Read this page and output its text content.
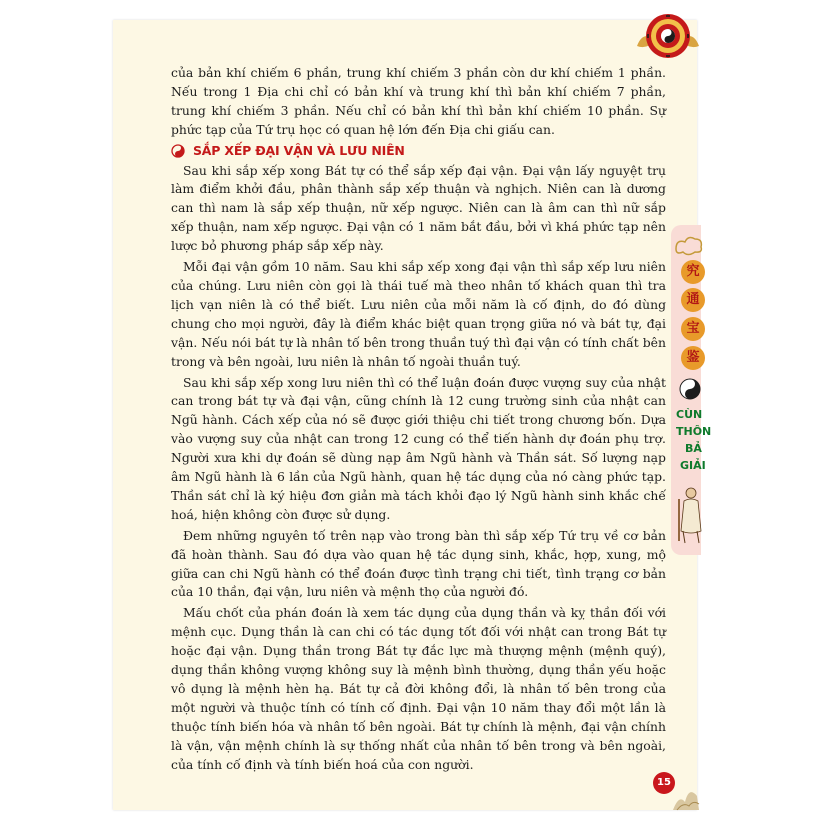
究
通
宝
鉴
CÙN
THÔN
BẢ
GIẢI
15

của bản khí chiếm 6 phần, trung khí chiếm 3 phần còn dư khí chiếm 1 phần. Nếu trong 1 Địa chi chỉ có bản khí và trung khí thì bản khí chiếm 7 phần, trung khí chiếm 3 phần. Nếu chỉ có bản khí thì bản khí chiếm 10 phần. Sự phức tạp của Tứ trụ học có quan hệ lớn đến Địa chi giấu can.

SẮP XẾP ĐẠI VẬN VÀ LƯU NIÊN

Sau khi sắp xếp xong Bát tự có thể sắp xếp đại vận. Đại vận lấy nguyệt trụ làm điểm khởi đầu, phân thành sắp xếp thuận và nghịch. Niên can là dương can thì nam là sắp xếp thuận, nữ xếp ngược. Niên can là âm can thì nữ sắp xếp thuận, nam xếp ngược. Đại vận có 1 năm bắt đầu, bởi vì khá phức tạp nên lược bỏ phương pháp sắp xếp này.

Mỗi đại vận gồm 10 năm. Sau khi sắp xếp xong đại vận thì sắp xếp lưu niên của chúng. Lưu niên còn gọi là thái tuế mà theo nhân tố khách quan thì tra lịch vạn niên là có thể biết. Lưu niên của mỗi năm là cố định, do đó dùng chung cho mọi người, đây là điểm khác biệt quan trọng giữa nó và bát tự, đại vận. Nếu nói bát tự là nhân tố bên trong thuần tuý thì đại vận có tính chất bên trong và bên ngoài, lưu niên là nhân tố ngoài thuần tuý.

Sau khi sắp xếp xong lưu niên thì có thể luận đoán được vượng suy của nhật can trong bát tự và đại vận, cũng chính là 12 cung trường sinh của nhật can Ngũ hành. Cách xếp của nó sẽ được giới thiệu chi tiết trong chương bốn. Dựa vào vượng suy của nhật can trong 12 cung có thể tiến hành dự đoán phụ trợ. Người xưa khi dự đoán sẽ dùng nạp âm Ngũ hành và Thần sát. Số lượng nạp âm Ngũ hành là 6 lần của Ngũ hành, quan hệ tác dụng của nó càng phức tạp. Thần sát chỉ là ký hiệu đơn giản mà tách khỏi đạo lý Ngũ hành sinh khắc chế hoá, hiện không còn được sử dụng.

Đem những nguyên tố trên nạp vào trong bàn thì sắp xếp Tứ trụ về cơ bản đã hoàn thành. Sau đó dựa vào quan hệ tác dụng sinh, khắc, hợp, xung, mộ giữa can chi Ngũ hành có thể đoán được tình trạng chi tiết, tình trạng cơ bản của 10 thần, đại vận, lưu niên và mệnh thọ của người đó.

Mấu chốt của phán đoán là xem tác dụng của dụng thần và kỵ thần đối với mệnh cục. Dụng thần là can chi có tác dụng tốt đối với nhật can trong Bát tự hoặc đại vận. Dụng thần trong Bát tự đắc lực mà thượng mệnh (mệnh quý), dụng thần không vượng không suy là mệnh bình thường, dụng thần yếu hoặc vô dụng là mệnh hèn hạ. Bát tự cả đời không đổi, là nhân tố bên trong của một người và thuộc tính có tính cố định. Đại vận 10 năm thay đổi một lần là thuộc tính biến hóa và nhân tố bên ngoài. Bát tự chính là mệnh, đại vận chính là vận, vận mệnh chính là sự thống nhất của nhân tố bên trong và bên ngoài, của tính cố định và tính biến hoá của con người.
